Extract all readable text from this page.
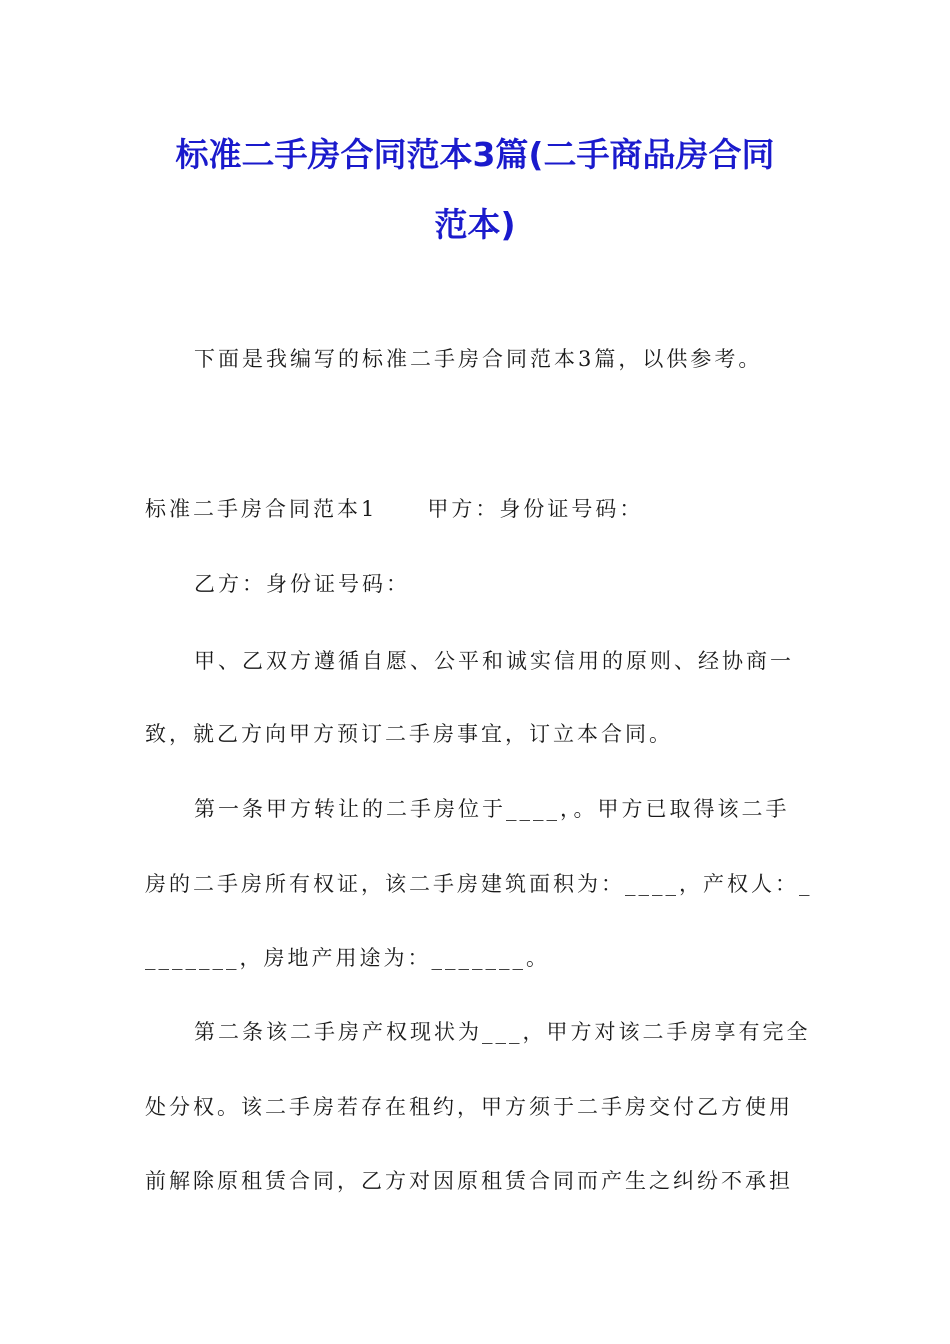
标准二手房合同范本3篇(二手商品房合同
范本)
下面是我编写的标准二手房合同范本3篇，以供参考。
标准二手房合同范本1 甲方：身份证号码：
乙方：身份证号码：
甲、乙双方遵循自愿、公平和诚实信用的原则、经协商一
致，就乙方向甲方预订二手房事宜，订立本合同。
第一条甲方转让的二手房位于____，。甲方已取得该二手
房的二手房所有权证，该二手房建筑面积为：____，产权人：_
_______，房地产用途为：_______。
第二条该二手房产权现状为___，甲方对该二手房享有完全
处分权。该二手房若存在租约，甲方须于二手房交付乙方使用
前解除原租赁合同，乙方对因原租赁合同而产生之纠纷不承担
